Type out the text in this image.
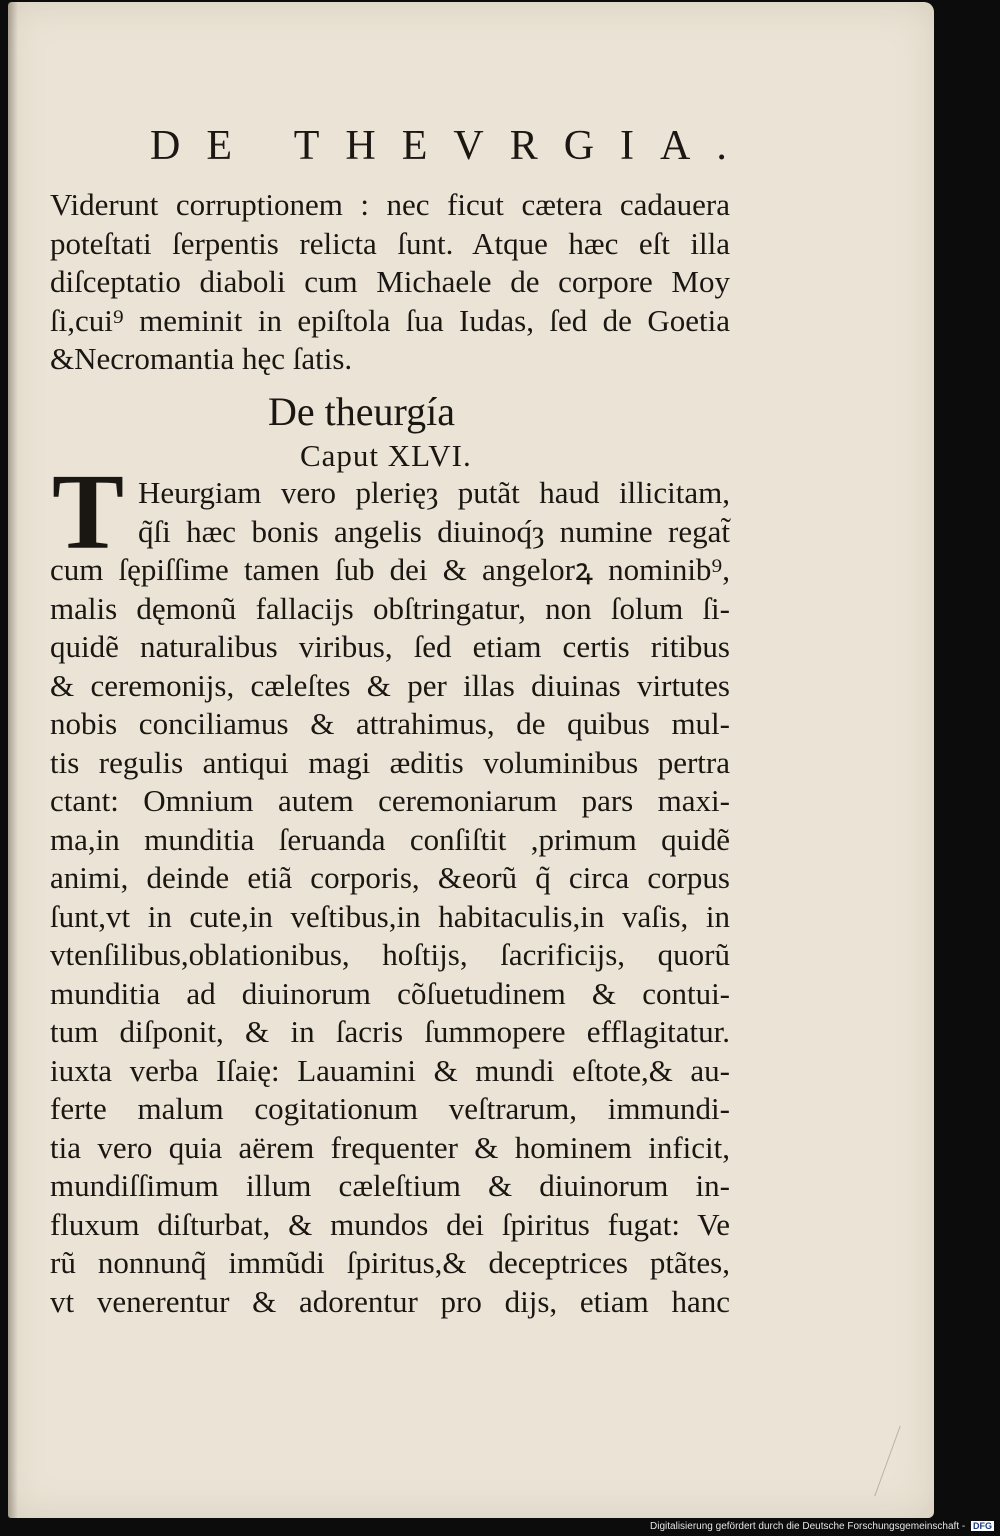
DE THEVRGIA.
Viderunt corruptionem : nec ficut cætera cadauera
poteſtati ſerpentis relicta ſunt. Atque hæc eſt illa
diſceptatio diaboli cum Michaele de corpore Moy
ſi,cui⁹ meminit in epiſtola ſua Iudas, ſed de Goetia
&Necromantia hęc ſatis.
De theurgía
Caput XLVI.
T Heurgiam vero plerięȝ putãt haud illicitam,
q̃ſi hæc bonis angelis diuinoq́ȝ numine regat̃
cum ſępiſſime tamen ſub dei & angelorꝝ nominib⁹,
malis dęmonũ fallacijs obſtringatur, non ſolum ſi-
quidẽ naturalibus viribus, ſed etiam certis ritibus
& ceremonijs, cæleſtes & per illas diuinas virtutes
nobis conciliamus & attrahimus, de quibus mul-
tis regulis antiqui magi æditis voluminibus pertra
ctant: Omnium autem ceremoniarum pars maxi-
ma,in munditia ſeruanda conſiſtit ,primum quidẽ
animi, deinde etiã corporis, &eorũ q̃ circa corpus
ſunt,vt in cute,in veſtibus,in habitaculis,in vaſis, in
vtenſilibus,oblationibus, hoſtijs, ſacrificijs, quorũ
munditia ad diuinorum cõſuetudinem & contui-
tum diſponit, & in ſacris ſummopere efflagitatur.
iuxta verba Iſaię: Lauamini & mundi eſtote,& au-
ferte malum cogitationum veſtrarum, immundi-
tia vero quia aërem frequenter & hominem inficit,
mundiſſimum illum cæleſtium & diuinorum in-
fluxum diſturbat, & mundos dei ſpiritus fugat: Ve
rũ nonnunq̃ immũdi ſpiritus,& deceptrices ptãtes,
vt venerentur & adorentur pro dijs, etiam hanc
Digitalisierung gefördert durch die Deutsche Forschungsgemeinschaft - DFG
